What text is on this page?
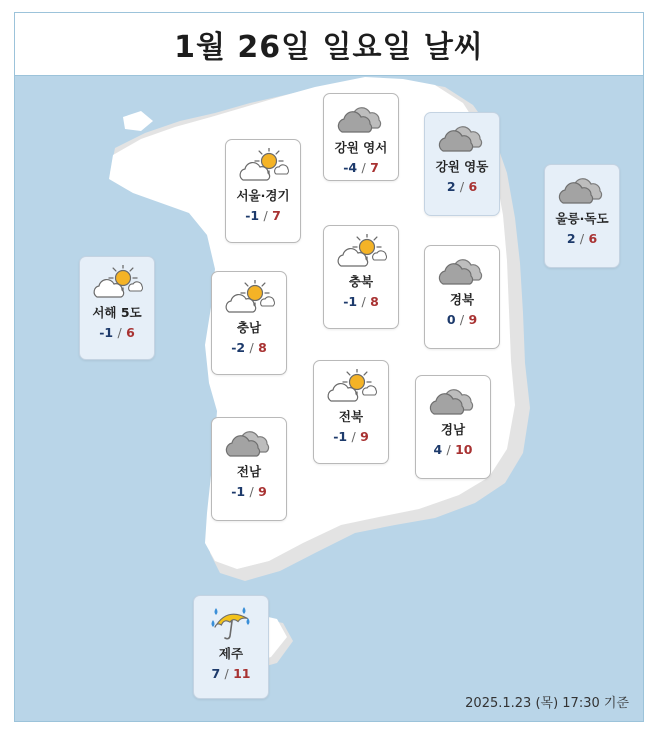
1월 26일 일요일 날씨
강원 영서
-4 / 7	강원 영동
2 / 6
울릉·독도
2 / 6
서울·경기
-1 / 7
충북
-1 / 8	경북
0 / 9
서해 5도
-1 / 6	충남
-2 / 8
전북
-1 / 9	경남
4 / 10
전남
-1 / 9
제주
7 / 11
2025.1.23 (목) 17:30 기준
